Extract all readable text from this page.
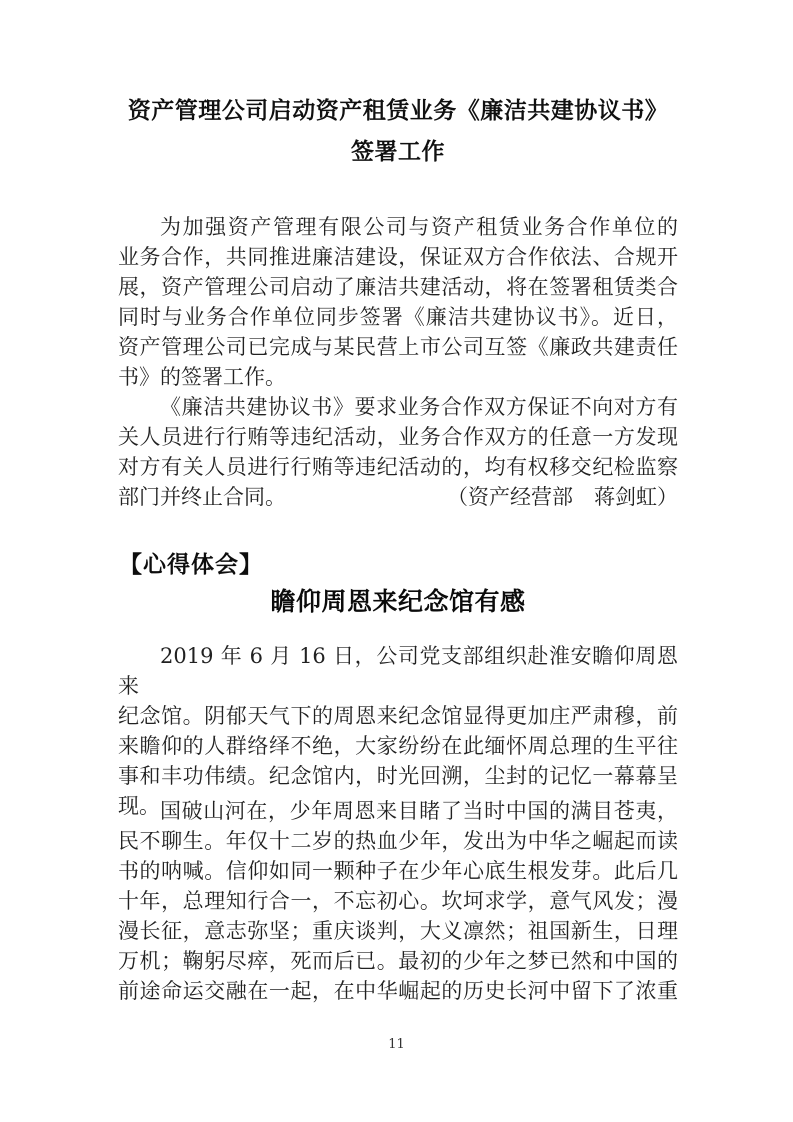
资产管理公司启动资产租赁业务《廉洁共建协议书》
签署工作
为加强资产管理有限公司与资产租赁业务合作单位的
业务合作，共同推进廉洁建设，保证双方合作依法、合规开
展，资产管理公司启动了廉洁共建活动，将在签署租赁类合
同时与业务合作单位同步签署《廉洁共建协议书》。近日，
资产管理公司已完成与某民营上市公司互签《廉政共建责任
书》的签署工作。
《廉洁共建协议书》要求业务合作双方保证不向对方有
关人员进行行贿等违纪活动，业务合作双方的任意一方发现
对方有关人员进行行贿等违纪活动的，均有权移交纪检监察
部门并终止合同。	（资产经营部　蒋剑虹）
【心得体会】
瞻仰周恩来纪念馆有感
2019 年 6 月 16 日，公司党支部组织赴淮安瞻仰周恩来
纪念馆。阴郁天气下的周恩来纪念馆显得更加庄严肃穆，前
来瞻仰的人群络绎不绝，大家纷纷在此缅怀周总理的生平往
事和丰功伟绩。纪念馆内，时光回溯，尘封的记忆一幕幕呈
现。 国破山河在，少年周恩来目睹了当时中国的满目苍夷，
民不聊生。年仅十二岁的热血少年，发出为中华之崛起而读
书的呐喊。信仰如同一颗种子在少年心底生根发芽。此后几
十年，总理知行合一，不忘初心。坎坷求学，意气风发；漫
漫长征，意志弥坚；重庆谈判，大义凛然；祖国新生，日理
万机；鞠躬尽瘁，死而后已。最初的少年之梦已然和中国的
前途命运交融在一起，在中华崛起的历史长河中留下了浓重
11
